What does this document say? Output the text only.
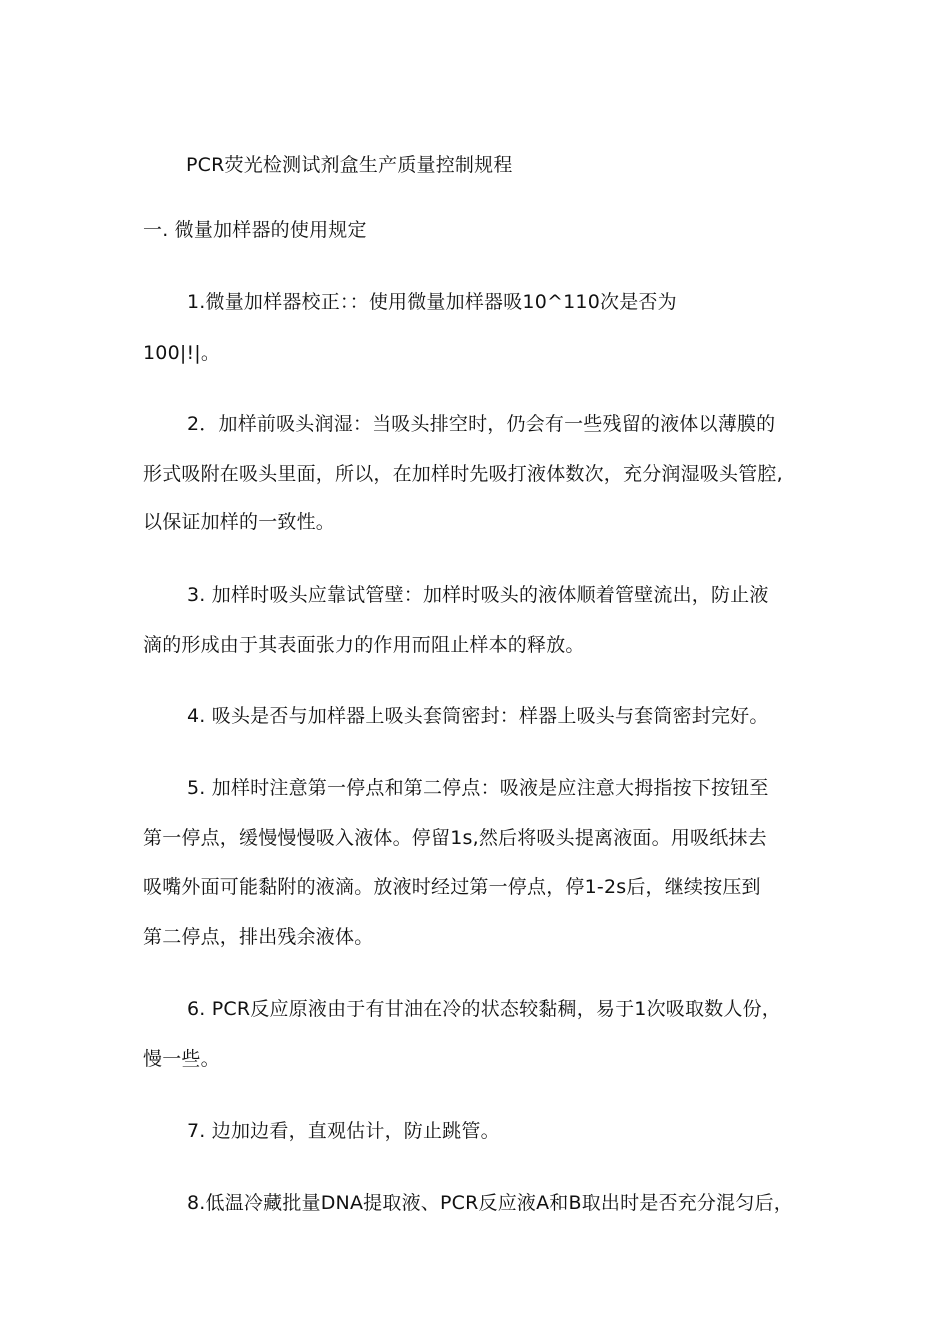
PCR荧光检测试剂盒生产质量控制规程
一. 微量加样器的使用规定
1.微量加样器校正：：使用微量加样器吸10^110次是否为
100|!|。
2．加样前吸头润湿：当吸头排空时，仍会有一些残留的液体以薄膜的
形式吸附在吸头里面，所以，在加样时先吸打液体数次，充分润湿吸头管腔,
以保证加样的一致性。
3. 加样时吸头应靠试管壁：加样时吸头的液体顺着管壁流出，防止液
滴的形成由于其表面张力的作用而阻止样本的释放。
4. 吸头是否与加样器上吸头套筒密封：样器上吸头与套筒密封完好。
5. 加样时注意第一停点和第二停点：吸液是应注意大拇指按下按钮至
第一停点，缓慢慢慢吸入液体。停留1s,然后将吸头提离液面。用吸纸抹去
吸嘴外面可能黏附的液滴。放液时经过第一停点，停1-2s后，继续按压到
第二停点，排出残余液体。
6. PCR反应原液由于有甘油在冷的状态较黏稠，易于1次吸取数人份，
慢一些。
7. 边加边看，直观估计，防止跳管。
8.低温冷藏批量DNA提取液、PCR反应液A和B取出时是否充分混匀后，
